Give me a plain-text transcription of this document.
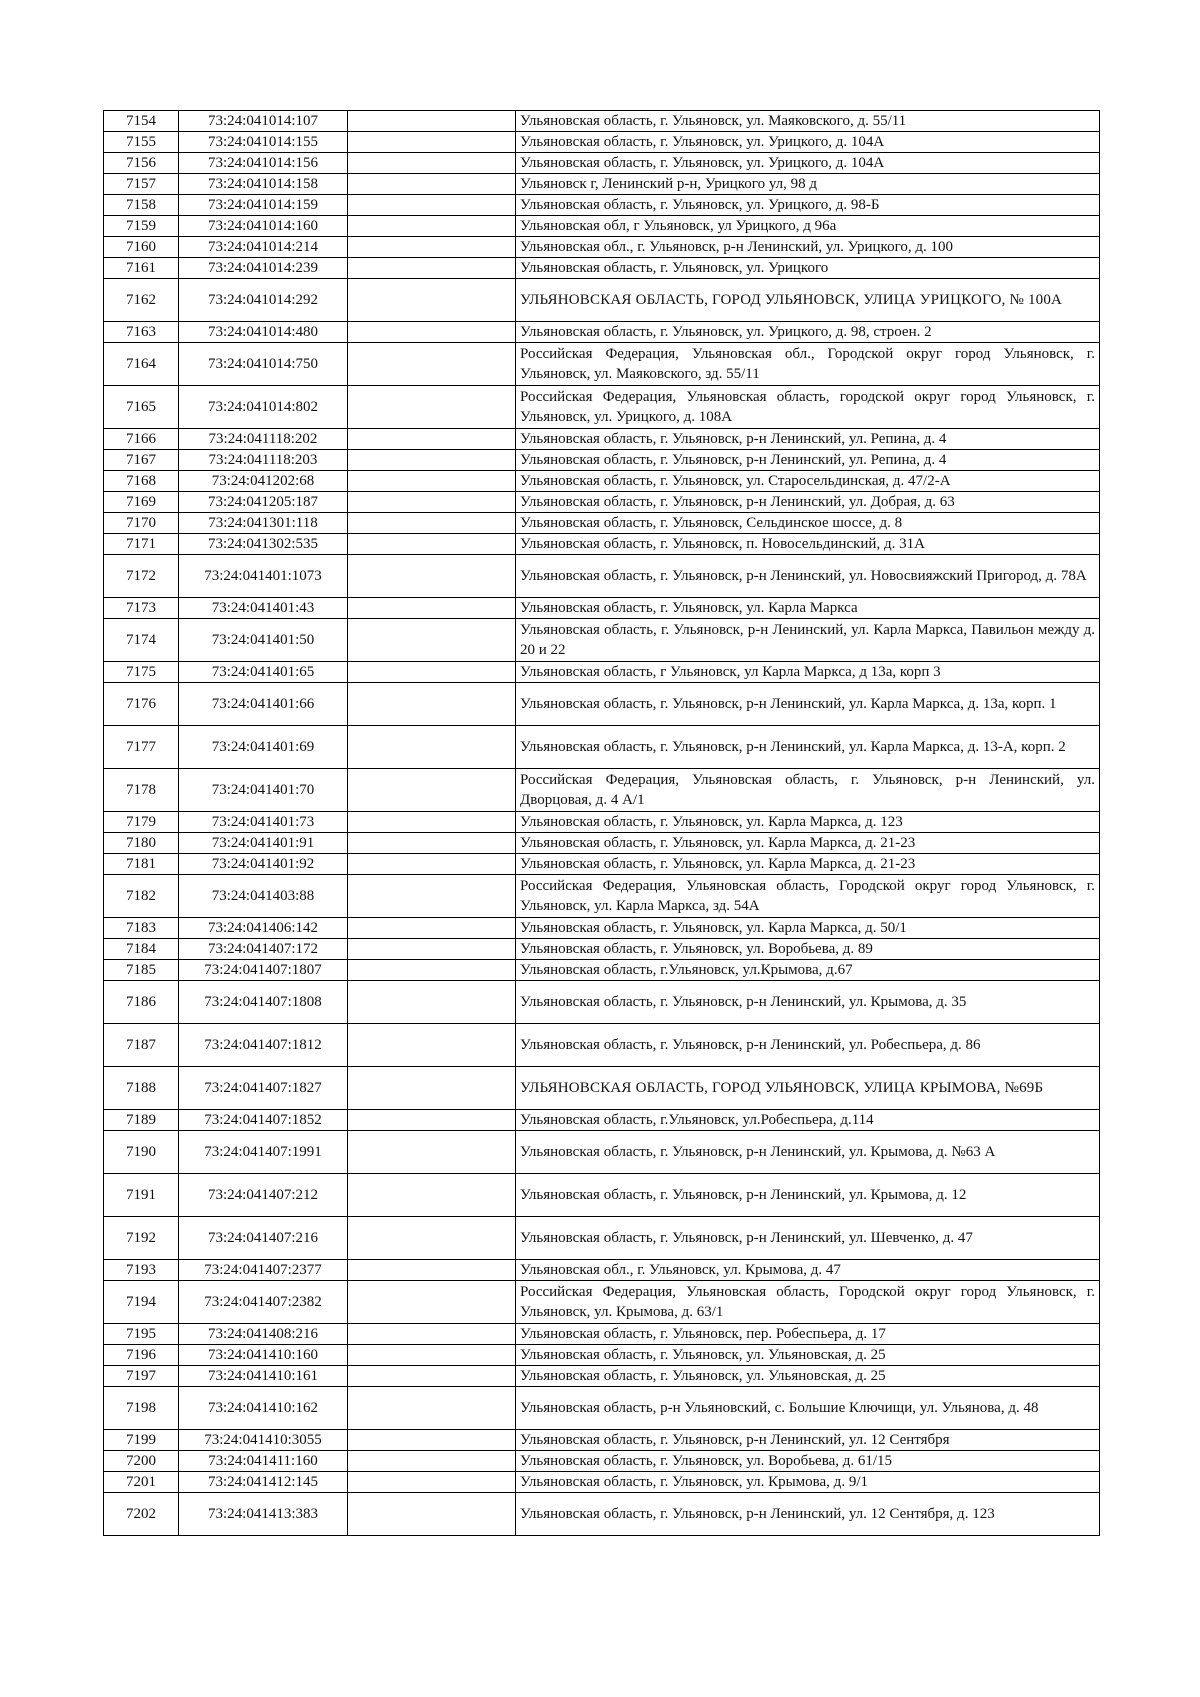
7154	73:24:041014:107		Ульяновская область, г. Ульяновск, ул. Маяковского, д. 55/11
7155	73:24:041014:155		Ульяновская область, г. Ульяновск, ул. Урицкого, д. 104А
7156	73:24:041014:156		Ульяновская область, г. Ульяновск, ул. Урицкого, д. 104А
7157	73:24:041014:158		Ульяновск г, Ленинский р-н, Урицкого ул, 98 д
7158	73:24:041014:159		Ульяновская область, г. Ульяновск, ул. Урицкого, д. 98-Б
7159	73:24:041014:160		Ульяновская обл, г Ульяновск, ул Урицкого, д 96а
7160	73:24:041014:214		Ульяновская обл., г. Ульяновск, р-н Ленинский, ул. Урицкого, д. 100
7161	73:24:041014:239		Ульяновская область, г. Ульяновск, ул. Урицкого
7162	73:24:041014:292		УЛЬЯНОВСКАЯ ОБЛАСТЬ, ГОРОД УЛЬЯНОВСК, УЛИЦА УРИЦКОГО, № 100А
7163	73:24:041014:480		Ульяновская область, г. Ульяновск, ул. Урицкого, д. 98, строен. 2
7164	73:24:041014:750		Российская Федерация, Ульяновская обл., Городской округ город Ульяновск, г. Ульяновск, ул. Маяковского, зд. 55/11
7165	73:24:041014:802		Российская Федерация, Ульяновская область, городской округ город Ульяновск, г. Ульяновск, ул. Урицкого, д. 108А
7166	73:24:041118:202		Ульяновская область, г. Ульяновск, р-н Ленинский, ул. Репина, д. 4
7167	73:24:041118:203		Ульяновская область, г. Ульяновск, р-н Ленинский, ул. Репина, д. 4
7168	73:24:041202:68		Ульяновская область, г. Ульяновск, ул. Старосельдинская, д. 47/2-А
7169	73:24:041205:187		Ульяновская область, г. Ульяновск, р-н Ленинский, ул. Добрая, д. 63
7170	73:24:041301:118		Ульяновская область, г. Ульяновск, Сельдинское шоссе, д. 8
7171	73:24:041302:535		Ульяновская область, г. Ульяновск, п. Новосельдинский, д. 31А
7172	73:24:041401:1073		Ульяновская область, г. Ульяновск, р-н Ленинский, ул. Новосвияжский Пригород, д. 78А
7173	73:24:041401:43		Ульяновская область, г. Ульяновск, ул. Карла Маркса
7174	73:24:041401:50		Ульяновская область, г. Ульяновск, р-н Ленинский, ул. Карла Маркса, Павильон между д. 20 и 22
7175	73:24:041401:65		Ульяновская область, г Ульяновск, ул Карла Маркса, д 13а, корп 3
7176	73:24:041401:66		Ульяновская область, г. Ульяновск, р-н Ленинский, ул. Карла Маркса, д. 13а, корп. 1
7177	73:24:041401:69		Ульяновская область, г. Ульяновск, р-н Ленинский, ул. Карла Маркса, д. 13-А, корп. 2
7178	73:24:041401:70		Российская Федерация, Ульяновская область, г. Ульяновск, р-н Ленинский, ул. Дворцовая, д. 4 А/1
7179	73:24:041401:73		Ульяновская область, г. Ульяновск, ул. Карла Маркса, д. 123
7180	73:24:041401:91		Ульяновская область, г. Ульяновск, ул. Карла Маркса, д. 21-23
7181	73:24:041401:92		Ульяновская область, г. Ульяновск, ул. Карла Маркса, д. 21-23
7182	73:24:041403:88		Российская Федерация, Ульяновская область, Городской округ город Ульяновск, г. Ульяновск, ул. Карла Маркса, зд. 54А
7183	73:24:041406:142		Ульяновская область, г. Ульяновск, ул. Карла Маркса, д. 50/1
7184	73:24:041407:172		Ульяновская область, г. Ульяновск, ул. Воробьева, д. 89
7185	73:24:041407:1807		Ульяновская область, г.Ульяновск, ул.Крымова, д.67
7186	73:24:041407:1808		Ульяновская область, г. Ульяновск, р-н Ленинский, ул. Крымова, д. 35
7187	73:24:041407:1812		Ульяновская область, г. Ульяновск, р-н Ленинский, ул. Робеспьера, д. 86
7188	73:24:041407:1827		УЛЬЯНОВСКАЯ ОБЛАСТЬ, ГОРОД УЛЬЯНОВСК, УЛИЦА КРЫМОВА, №69Б
7189	73:24:041407:1852		Ульяновская область, г.Ульяновск, ул.Робеспьера, д.114
7190	73:24:041407:1991		Ульяновская область, г. Ульяновск, р-н Ленинский, ул. Крымова, д. №63 А
7191	73:24:041407:212		Ульяновская область, г. Ульяновск, р-н Ленинский, ул. Крымова, д. 12
7192	73:24:041407:216		Ульяновская область, г. Ульяновск, р-н Ленинский, ул. Шевченко, д. 47
7193	73:24:041407:2377		Ульяновская обл., г. Ульяновск, ул. Крымова, д. 47
7194	73:24:041407:2382		Российская Федерация, Ульяновская область, Городской округ город Ульяновск, г. Ульяновск, ул. Крымова, д. 63/1
7195	73:24:041408:216		Ульяновская область, г. Ульяновск, пер. Робеспьера, д. 17
7196	73:24:041410:160		Ульяновская область, г. Ульяновск, ул. Ульяновская, д. 25
7197	73:24:041410:161		Ульяновская область, г. Ульяновск, ул. Ульяновская, д. 25
7198	73:24:041410:162		Ульяновская область, р-н Ульяновский, с. Большие Ключищи, ул. Ульянова, д. 48
7199	73:24:041410:3055		Ульяновская область, г. Ульяновск, р-н Ленинский, ул. 12 Сентября
7200	73:24:041411:160		Ульяновская область, г. Ульяновск, ул. Воробьева, д. 61/15
7201	73:24:041412:145		Ульяновская область, г. Ульяновск, ул. Крымова, д. 9/1
7202	73:24:041413:383		Ульяновская область, г. Ульяновск, р-н Ленинский, ул. 12 Сентября, д. 123
